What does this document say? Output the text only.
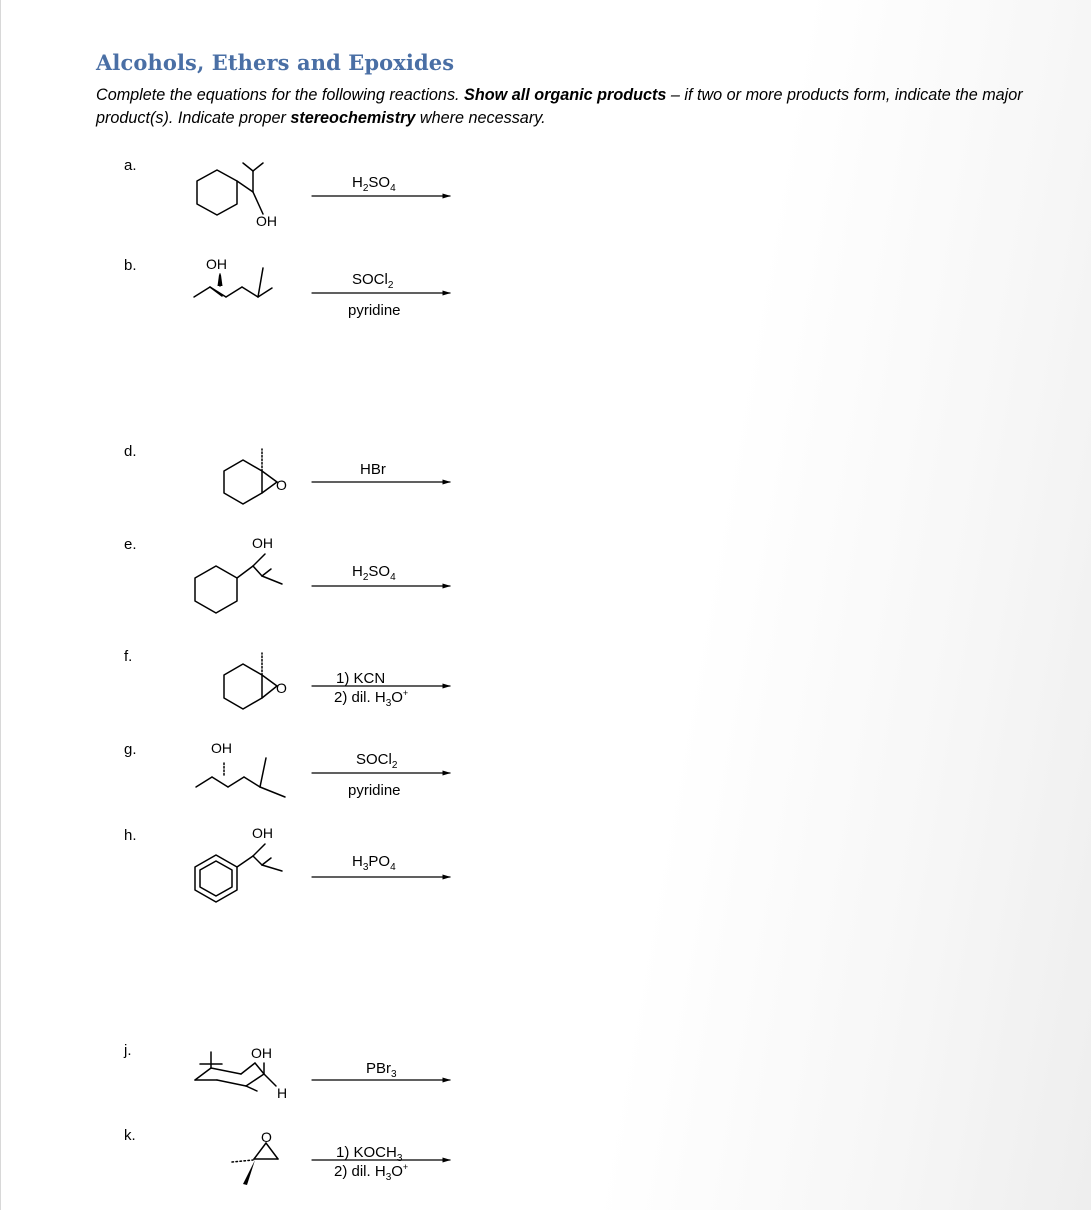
Alcohols, Ethers and Epoxides

Complete the equations for the following reactions. Show all organic products – if two or more products form, indicate the major product(s). Indicate proper stereochemistry where necessary.

a.
b.
d.
e.
f.
g.
h.
j.
k.
OH
OH
O
OH
O
OH
OH
OH
H
O
$H_2SO_4$
SOCl$_2$
pyridine
HBr
$H_2SO_4$
1) KCN
2) dil. $H_3O^+$
SOCl$_2$
pyridine
$H_3PO_4$
PBr$_3$
1) $KOCH_3$
2) dil. $H_3O^+$
